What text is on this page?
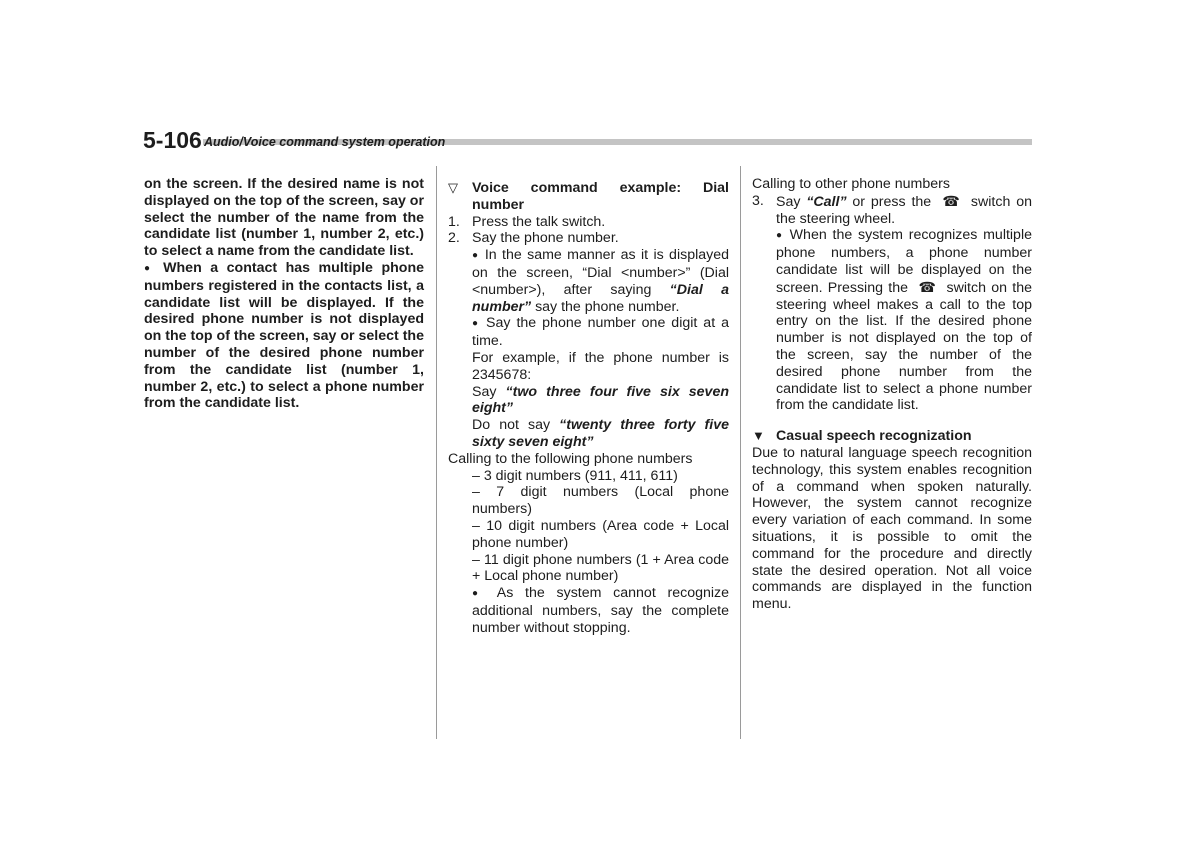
5-106 Audio/Voice command system operation

on the screen. If the desired name is not displayed on the top of the screen, say or select the number of the name from the candidate list (number 1, number 2, etc.) to select a name from the candidate list.

● When a contact has multiple phone numbers registered in the contacts list, a candidate list will be displayed. If the desired phone number is not displayed on the top of the screen, say or select the number of the desired phone number from the candidate list (number 1, number 2, etc.) to select a phone number from the candidate list.

▽ Voice command example: Dial number
1. Press the talk switch.
2. Say the phone number.

● In the same manner as it is displayed on the screen, “Dial <number>” (Dial <number>), after saying “Dial a number” say the phone number.

● Say the phone number one digit at a time.

For example, if the phone number is 2345678:

Say “two three four five six seven eight”

Do not say “twenty three forty five sixty seven eight”

Calling to the following phone numbers

– 3 digit numbers (911, 411, 611)

– 7 digit numbers (Local phone numbers)

– 10 digit numbers (Area code + Local phone number)

– 11 digit phone numbers (1 + Area code + Local phone number)

● As the system cannot recognize additional numbers, say the complete number without stopping.

Calling to other phone numbers

3. Say “Call” or press the ☎ switch on the steering wheel.

● When the system recognizes multiple phone numbers, a phone number candidate list will be displayed on the screen. Pressing the ☎ switch on the steering wheel makes a call to the top entry on the list. If the desired phone number is not displayed on the top of the screen, say the number of the desired phone number from the candidate list to select a phone number from the candidate list.

▼ Casual speech recognization

Due to natural language speech recognition technology, this system enables recognition of a command when spoken naturally. However, the system cannot recognize every variation of each command. In some situations, it is possible to omit the command for the procedure and directly state the desired operation. Not all voice commands are displayed in the function menu.
